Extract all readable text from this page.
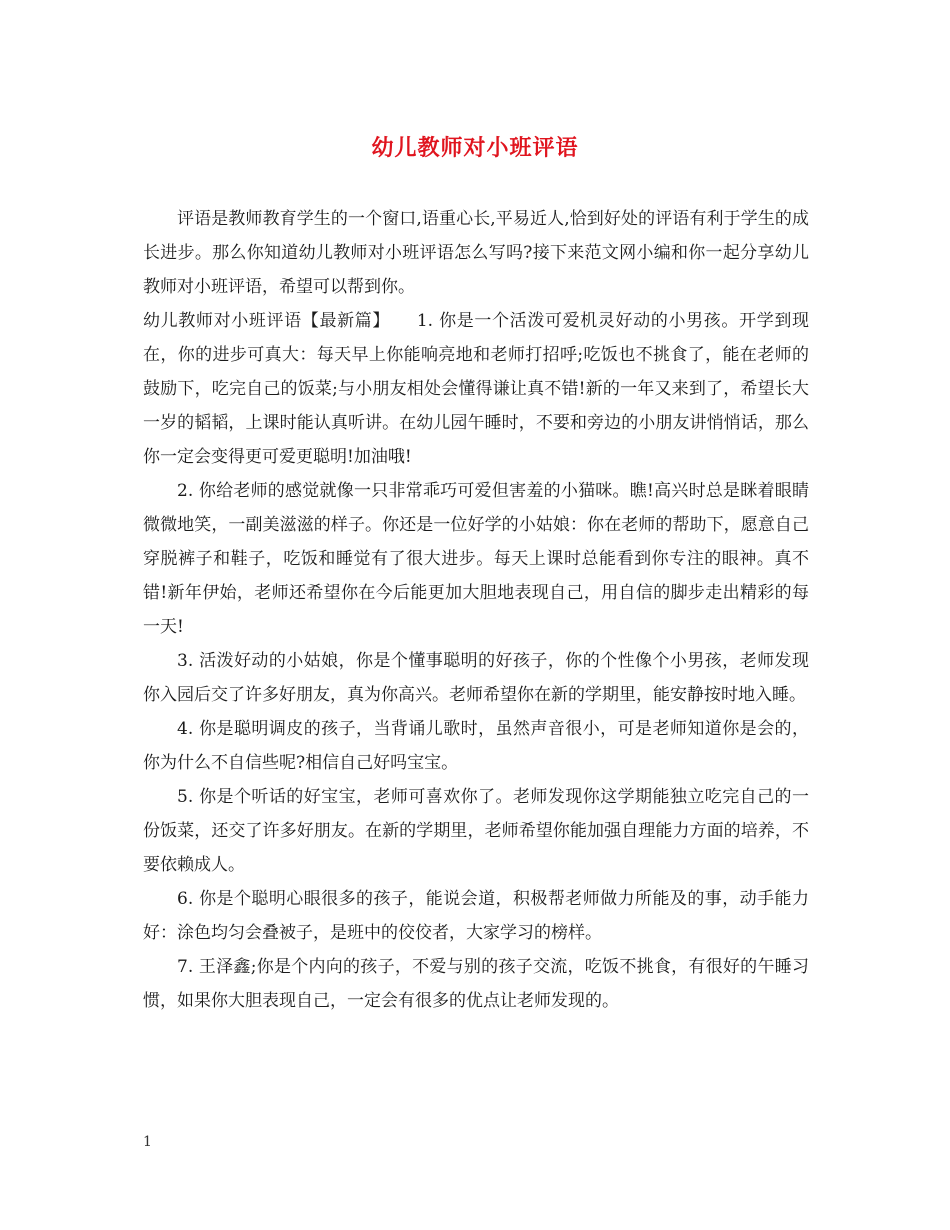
幼儿教师对小班评语

评语是教师教育学生的一个窗口,语重心长,平易近人,恰到好处的评语有利于学生的成长进步。那么你知道幼儿教师对小班评语怎么写吗?接下来范文网小编和你一起分享幼儿教师对小班评语，希望可以帮到你。

幼儿教师对小班评语【最新篇】　　1. 你是一个活泼可爱机灵好动的小男孩。开学到现在，你的进步可真大：每天早上你能响亮地和老师打招呼;吃饭也不挑食了，能在老师的鼓励下，吃完自己的饭菜;与小朋友相处会懂得谦让真不错!新的一年又来到了，希望长大一岁的韬韬，上课时能认真听讲。在幼儿园午睡时，不要和旁边的小朋友讲悄悄话，那么你一定会变得更可爱更聪明!加油哦!

2. 你给老师的感觉就像一只非常乖巧可爱但害羞的小猫咪。瞧!高兴时总是眯着眼睛微微地笑，一副美滋滋的样子。你还是一位好学的小姑娘：你在老师的帮助下，愿意自己穿脱裤子和鞋子，吃饭和睡觉有了很大进步。每天上课时总能看到你专注的眼神。真不错!新年伊始，老师还希望你在今后能更加大胆地表现自己，用自信的脚步走出精彩的每一天!

3. 活泼好动的小姑娘，你是个懂事聪明的好孩子，你的个性像个小男孩，老师发现你入园后交了许多好朋友，真为你高兴。老师希望你在新的学期里，能安静按时地入睡。

4. 你是聪明调皮的孩子，当背诵儿歌时，虽然声音很小，可是老师知道你是会的，你为什么不自信些呢?相信自己好吗宝宝。

5. 你是个听话的好宝宝，老师可喜欢你了。老师发现你这学期能独立吃完自己的一份饭菜，还交了许多好朋友。在新的学期里，老师希望你能加强自理能力方面的培养，不要依赖成人。

6. 你是个聪明心眼很多的孩子，能说会道，积极帮老师做力所能及的事，动手能力好：涂色均匀会叠被子，是班中的佼佼者，大家学习的榜样。

7. 王泽鑫;你是个内向的孩子，不爱与别的孩子交流，吃饭不挑食，有很好的午睡习惯，如果你大胆表现自己，一定会有很多的优点让老师发现的。

1
